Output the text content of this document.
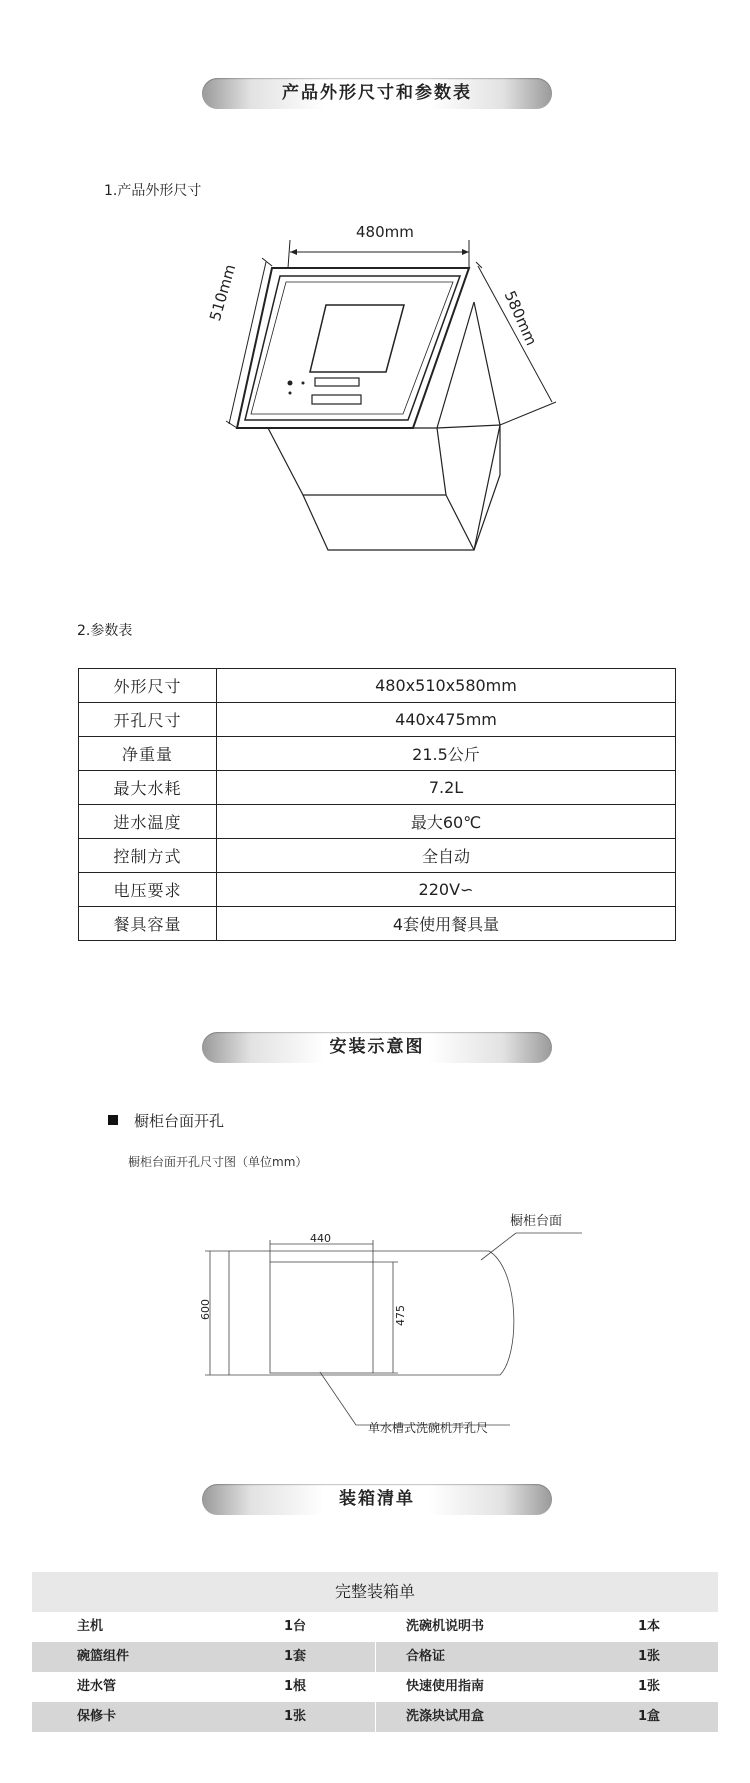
产品外形尺寸和参数表
1.产品外形尺寸
480mm
510mm	580mm
2.参数表
外形尺寸	480x510x580mm
开孔尺寸	440x475mm
净重量	21.5公斤
最大水耗	7.2L
进水温度	最大60℃
控制方式	全自动
电压要求	220V∽
餐具容量	4套使用餐具量
安装示意图
橱柜台面开孔
橱柜台面开孔尺寸图（单位mm）
440
600	475
橱柜台面
单水槽式洗碗机开孔尺
装箱清单
完整装箱单
主机	1台	洗碗机说明书	1本
碗篮组件	1套	合格证	1张
进水管	1根	快速使用指南	1张
保修卡	1张	洗涤块试用盒	1盒
